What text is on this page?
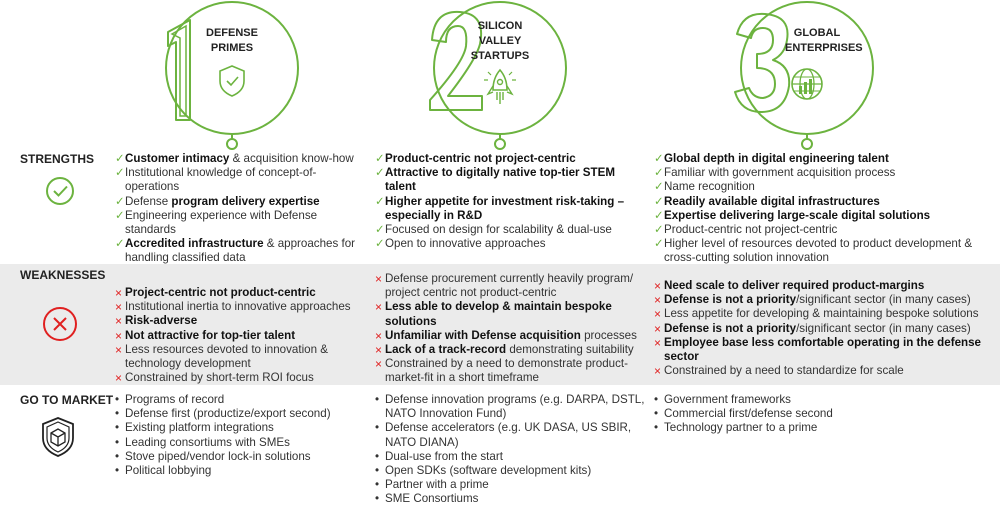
DEFENSE PRIMES
SILICON VALLEY STARTUPS
GLOBAL ENTERPRISES
STRENGTHS ✓ Customer intimacy & acquisition know-how
✓ Institutional knowledge of concept-of-operations
✓ Defense program delivery expertise
✓ Engineering experience with Defense standards
✓ Accredited infrastructure & approaches for handling classified data
✓ Product-centric not project-centric
✓ Attractive to digitally native top-tier STEM talent
✓ Higher appetite for investment risk-taking – especially in R&D
✓ Focused on design for scalability & dual-use
✓ Open to innovative approaches
✓ Global depth in digital engineering talent
✓ Familiar with government acquisition process
✓ Name recognition
✓ Readily available digital infrastructures
✓ Expertise delivering large-scale digital solutions
✓ Product-centric not project-centric
✓ Higher level of resources devoted to product development & cross-cutting solution innovation
WEAKNESSES
× Project-centric not product-centric
× Institutional inertia to innovative approaches
× Risk-adverse
× Not attractive for top-tier talent
× Less resources devoted to innovation & technology development
× Constrained by short-term ROI focus
× Defense procurement currently heavily program/ project centric not product-centric
× Less able to develop & maintain bespoke solutions
× Unfamiliar with Defense acquisition processes
× Lack of a track-record demonstrating suitability
× Constrained by a need to demonstrate product-market-fit in a short timeframe
× Need scale to deliver required product-margins
× Defense is not a priority/significant sector (in many cases)
× Less appetite for developing & maintaining bespoke solutions
× Defense is not a priority/significant sector (in many cases)
× Employee base less comfortable operating in the defense sector
× Constrained by a need to standardize for scale
GO TO MARKET • Programs of record
• Defense first (productize/export second)
• Existing platform integrations
• Leading consortiums with SMEs
• Stove piped/vendor lock-in solutions
• Political lobbying
• Defense innovation programs (e.g. DARPA, DSTL, NATO Innovation Fund)
• Defense accelerators (e.g. UK DASA, US SBIR, NATO DIANA)
• Dual-use from the start
• Open SDKs (software development kits)
• Partner with a prime
• SME Consortiums
• Government frameworks
• Commercial first/defense second
• Technology partner to a prime
